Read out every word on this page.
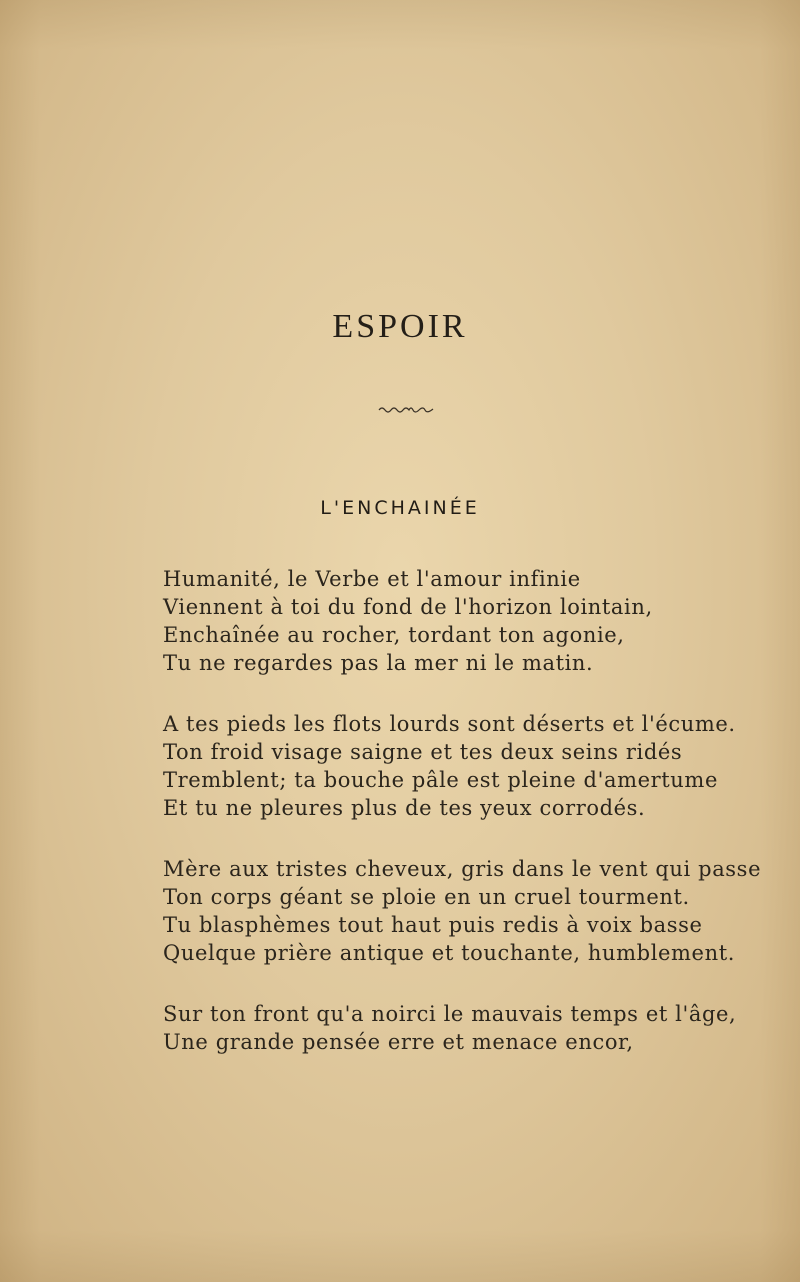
ESPOIR
L'ENCHAINÉE
Humanité, le Verbe et l'amour infinie
Viennent à toi du fond de l'horizon lointain,
Enchaînée au rocher, tordant ton agonie,
Tu ne regardes pas la mer ni le matin.
A tes pieds les flots lourds sont déserts et l'écume.
Ton froid visage saigne et tes deux seins ridés
Tremblent; ta bouche pâle est pleine d'amertume
Et tu ne pleures plus de tes yeux corrodés.
Mère aux tristes cheveux, gris dans le vent qui passe
Ton corps géant se ploie en un cruel tourment.
Tu blasphèmes tout haut puis redis à voix basse
Quelque prière antique et touchante, humblement.
Sur ton front qu'a noirci le mauvais temps et l'âge,
Une grande pensée erre et menace encor,
